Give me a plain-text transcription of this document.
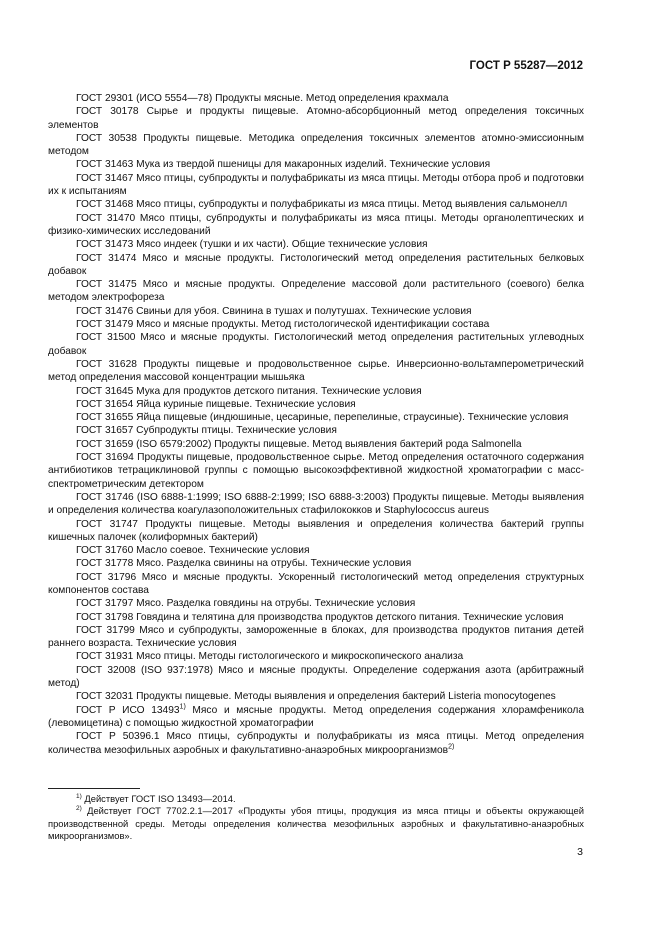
ГОСТ Р 55287—2012

ГОСТ 29301 (ИСО 5554—78) Продукты мясные. Метод определения крахмала

ГОСТ 30178 Сырье и продукты пищевые. Атомно-абсорбционный метод определения токсичных элементов

ГОСТ 30538 Продукты пищевые. Методика определения токсичных элементов атомно-эмиссионным методом

ГОСТ 31463 Мука из твердой пшеницы для макаронных изделий. Технические условия

ГОСТ 31467 Мясо птицы, субпродукты и полуфабрикаты из мяса птицы. Методы отбора проб и подготовки их к испытаниям

ГОСТ 31468 Мясо птицы, субпродукты и полуфабрикаты из мяса птицы. Метод выявления сальмонелл

ГОСТ 31470 Мясо птицы, субпродукты и полуфабрикаты из мяса птицы. Методы органолептических и физико-химических исследований

ГОСТ 31473 Мясо индеек (тушки и их части). Общие технические условия

ГОСТ 31474 Мясо и мясные продукты. Гистологический метод определения растительных белковых добавок

ГОСТ 31475 Мясо и мясные продукты. Определение массовой доли растительного (соевого) белка методом электрофореза

ГОСТ 31476 Свиньи для убоя. Свинина в тушах и полутушах. Технические условия

ГОСТ 31479 Мясо и мясные продукты. Метод гистологической идентификации состава

ГОСТ 31500 Мясо и мясные продукты. Гистологический метод определения растительных углеводных добавок

ГОСТ 31628 Продукты пищевые и продовольственное сырье. Инверсионно-вольтамперометрический метод определения массовой концентрации мышьяка

ГОСТ 31645 Мука для продуктов детского питания. Технические условия

ГОСТ 31654 Яйца куриные пищевые. Технические условия

ГОСТ 31655 Яйца пищевые (индюшиные, цесариные, перепелиные, страусиные). Технические условия

ГОСТ 31657 Субпродукты птицы. Технические условия

ГОСТ 31659 (ISO 6579:2002) Продукты пищевые. Метод выявления бактерий рода Salmonella

ГОСТ 31694 Продукты пищевые, продовольственное сырье. Метод определения остаточного содержания антибиотиков тетрациклиновой группы с помощью высокоэффективной жидкостной хроматографии с масс-спектрометрическим детектором

ГОСТ 31746 (ISO 6888-1:1999; ISO 6888-2:1999; ISO 6888-3:2003) Продукты пищевые. Методы выявления и определения количества коагулазоположительных стафилококков и Staphylococcus aureus

ГОСТ 31747 Продукты пищевые. Методы выявления и определения количества бактерий группы кишечных палочек (колиформных бактерий)

ГОСТ 31760 Масло соевое. Технические условия

ГОСТ 31778 Мясо. Разделка свинины на отрубы. Технические условия

ГОСТ 31796 Мясо и мясные продукты. Ускоренный гистологический метод определения структурных компонентов состава

ГОСТ 31797 Мясо. Разделка говядины на отрубы. Технические условия

ГОСТ 31798 Говядина и телятина для производства продуктов детского питания. Технические условия

ГОСТ 31799 Мясо и субпродукты, замороженные в блоках, для производства продуктов питания детей раннего возраста. Технические условия

ГОСТ 31931 Мясо птицы. Методы гистологического и микроскопического анализа

ГОСТ 32008 (ISO 937:1978) Мясо и мясные продукты. Определение содержания азота (арбитражный метод)

ГОСТ 32031 Продукты пищевые. Методы выявления и определения бактерий Listeria monocytogenes

ГОСТ Р ИСО 13493$^{1)}$ Мясо и мясные продукты. Метод определения содержания хлорамфеникола (левомицетина) с помощью жидкостной хроматографии

ГОСТ Р 50396.1 Мясо птицы, субпродукты и полуфабрикаты из мяса птицы. Метод определения количества мезофильных аэробных и факультативно-анаэробных микроорганизмов$^{2)}$

$^{1)}$ Действует ГОСТ ISO 13493—2014.

$^{2)}$ Действует ГОСТ 7702.2.1—2017 «Продукты убоя птицы, продукция из мяса птицы и объекты окружающей производственной среды. Методы определения количества мезофильных аэробных и факультативно-анаэробных микроорганизмов».

3
